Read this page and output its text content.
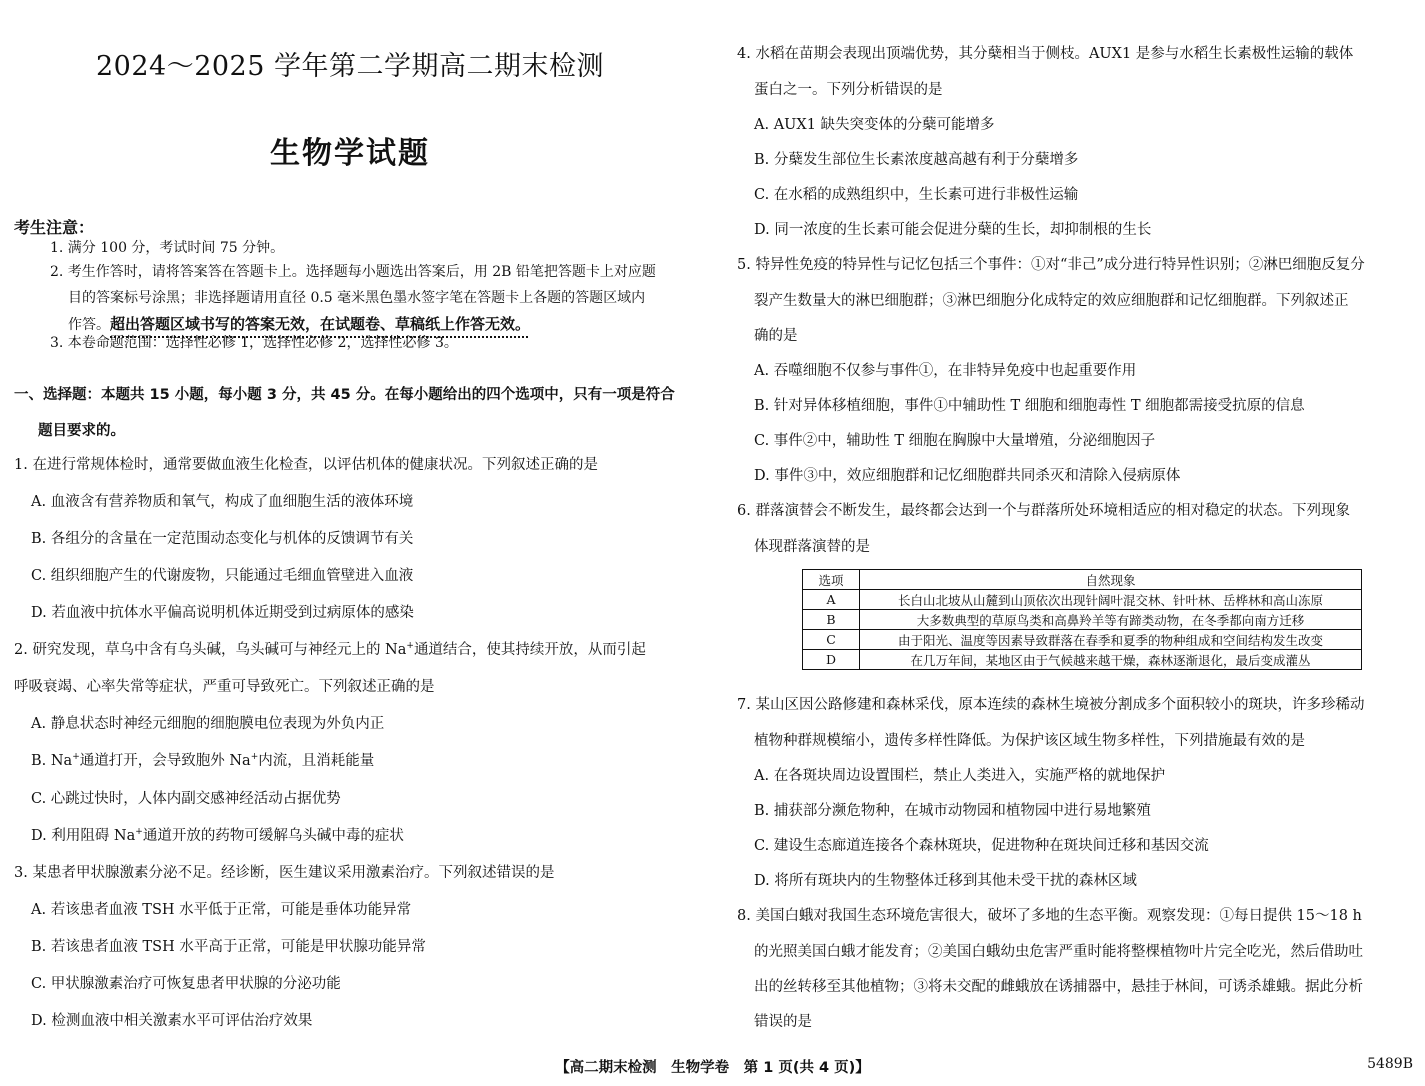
2024～2025 学年第二学期高二期末检测
生物学试题
考生注意：
1. 满分 100 分，考试时间 75 分钟。
2. 考生作答时，请将答案答在答题卡上。选择题每小题选出答案后，用 2B 铅笔把答题卡上对应题
目的答案标号涂黑；非选择题请用直径 0.5 毫米黑色墨水签字笔在答题卡上各题的答题区域内
作答。超出答题区域书写的答案无效，在试题卷、草稿纸上作答无效。
3. 本卷命题范围：选择性必修 1，选择性必修 2，选择性必修 3。
一、选择题：本题共 15 小题，每小题 3 分，共 45 分。在每小题给出的四个选项中，只有一项是符合
题目要求的。
1. 在进行常规体检时，通常要做血液生化检查，以评估机体的健康状况。下列叙述正确的是
A. 血液含有营养物质和氧气，构成了血细胞生活的液体环境
B. 各组分的含量在一定范围动态变化与机体的反馈调节有关
C. 组织细胞产生的代谢废物，只能通过毛细血管壁进入血液
D. 若血液中抗体水平偏高说明机体近期受到过病原体的感染
2. 研究发现，草乌中含有乌头碱，乌头碱可与神经元上的 Na+通道结合，使其持续开放，从而引起
呼吸衰竭、心率失常等症状，严重可导致死亡。下列叙述正确的是
A. 静息状态时神经元细胞的细胞膜电位表现为外负内正
B. Na+通道打开，会导致胞外 Na+内流，且消耗能量
C. 心跳过快时，人体内副交感神经活动占据优势
D. 利用阻碍 Na+通道开放的药物可缓解乌头碱中毒的症状
3. 某患者甲状腺激素分泌不足。经诊断，医生建议采用激素治疗。下列叙述错误的是
A. 若该患者血液 TSH 水平低于正常，可能是垂体功能异常
B. 若该患者血液 TSH 水平高于正常，可能是甲状腺功能异常
C. 甲状腺激素治疗可恢复患者甲状腺的分泌功能
D. 检测血液中相关激素水平可评估治疗效果
4. 水稻在苗期会表现出顶端优势，其分蘖相当于侧枝。AUX1 是参与水稻生长素极性运输的载体
蛋白之一。下列分析错误的是
A. AUX1 缺失突变体的分蘖可能增多
B. 分蘖发生部位生长素浓度越高越有利于分蘖增多
C. 在水稻的成熟组织中，生长素可进行非极性运输
D. 同一浓度的生长素可能会促进分蘖的生长，却抑制根的生长
5. 特异性免疫的特异性与记忆包括三个事件：①对“非己”成分进行特异性识别；②淋巴细胞反复分
裂产生数量大的淋巴细胞群；③淋巴细胞分化成特定的效应细胞群和记忆细胞群。下列叙述正
确的是
A. 吞噬细胞不仅参与事件①，在非特异免疫中也起重要作用
B. 针对异体移植细胞，事件①中辅助性 T 细胞和细胞毒性 T 细胞都需接受抗原的信息
C. 事件②中，辅助性 T 细胞在胸腺中大量增殖，分泌细胞因子
D. 事件③中，效应细胞群和记忆细胞群共同杀灭和清除入侵病原体
6. 群落演替会不断发生，最终都会达到一个与群落所处环境相适应的相对稳定的状态。下列现象
体现群落演替的是
选项	自然现象
A	长白山北坡从山麓到山顶依次出现针阔叶混交林、针叶林、岳桦林和高山冻原
B	大多数典型的草原鸟类和高鼻羚羊等有蹄类动物，在冬季都向南方迁移
C	由于阳光、温度等因素导致群落在春季和夏季的物种组成和空间结构发生改变
D	在几万年间，某地区由于气候越来越干燥，森林逐渐退化，最后变成灌丛
7. 某山区因公路修建和森林采伐，原本连续的森林生境被分割成多个面积较小的斑块，许多珍稀动
植物种群规模缩小，遗传多样性降低。为保护该区域生物多样性，下列措施最有效的是
A. 在各斑块周边设置围栏，禁止人类进入，实施严格的就地保护
B. 捕获部分濒危物种，在城市动物园和植物园中进行易地繁殖
C. 建设生态廊道连接各个森林斑块，促进物种在斑块间迁移和基因交流
D. 将所有斑块内的生物整体迁移到其他未受干扰的森林区域
8. 美国白蛾对我国生态环境危害很大，破坏了多地的生态平衡。观察发现：①每日提供 15～18 h
的光照美国白蛾才能发育；②美国白蛾幼虫危害严重时能将整棵植物叶片完全吃光，然后借助吐
出的丝转移至其他植物；③将未交配的雌蛾放在诱捕器中，悬挂于林间，可诱杀雄蛾。据此分析
错误的是
【高二期末检测　生物学卷　第 1 页(共 4 页)】	5489B
